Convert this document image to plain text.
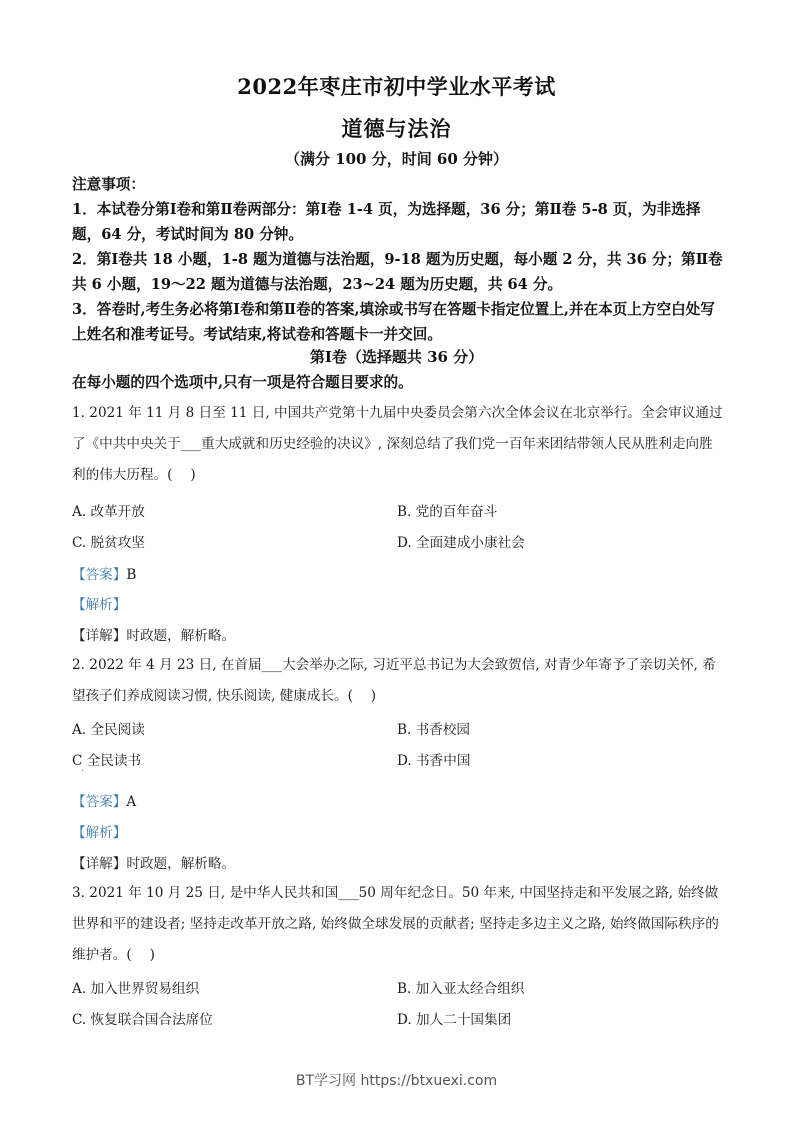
2022年枣庄市初中学业水平考试
道德与法治
（满分 100 分，时间 60 分钟）

注意事项：

1．本试卷分第Ⅰ卷和第Ⅱ卷两部分：第Ⅰ卷 1-4 页，为选择题，36 分；第Ⅱ卷 5-8 页，为非选择题，64 分，考试时间为 80 分钟。

2．第Ⅰ卷共 18 小题，1-8 题为道德与法治题，9-18 题为历史题，每小题 2 分，共 36 分；第Ⅱ卷共 6 小题，19～22 题为道德与法治题，23~24 题为历史题，共 64 分。

3．答卷时,考生务必将第Ⅰ卷和第Ⅱ卷的答案,填涂或书写在答题卡指定位置上,并在本页上方空白处写上姓名和准考证号。考试结束,将试卷和答题卡一并交回。

第Ⅰ卷（选择题共 36 分）
在每小题的四个选项中,只有一项是符合题目要求的。
1. 2021 年 11 月 8 日至 11 日, 中国共产党第十九届中央委员会第六次全体会议在北京举行。全会审议通过了《中共中央关于___重大成就和历史经验的决议》, 深刻总结了我们党一百年来团结带领人民从胜利走向胜利的伟大历程。(　 )
A. 改革开放	B. 党的百年奋斗
C. 脱贫攻坚	D. 全面建成小康社会
【答案】B
【解析】
【详解】时政题，解析略。
2. 2022 年 4 月 23 日, 在首届___大会举办之际, 习近平总书记为大会致贺信, 对青少年寄予了亲切关怀, 希望孩子们养成阅读习惯, 快乐阅读, 健康成长。(　 )
A. 全民阅读	B. 书香校园
C 全民读书	D. 书香中国
·
【答案】A
【解析】
【详解】时政题，解析略。
3. 2021 年 10 月 25 日, 是中华人民共和国___50 周年纪念日。50 年来, 中国坚持走和平发展之路, 始终做世界和平的建设者; 坚持走改革开放之路, 始终做全球发展的贡献者; 坚持走多边主义之路, 始终做国际秩序的维护者。(　 )
A. 加入世界贸易组织	B. 加入亚太经合组织
C. 恢复联合国合法席位	D. 加人二十国集团
BT学习网 https://btxuexi.com
